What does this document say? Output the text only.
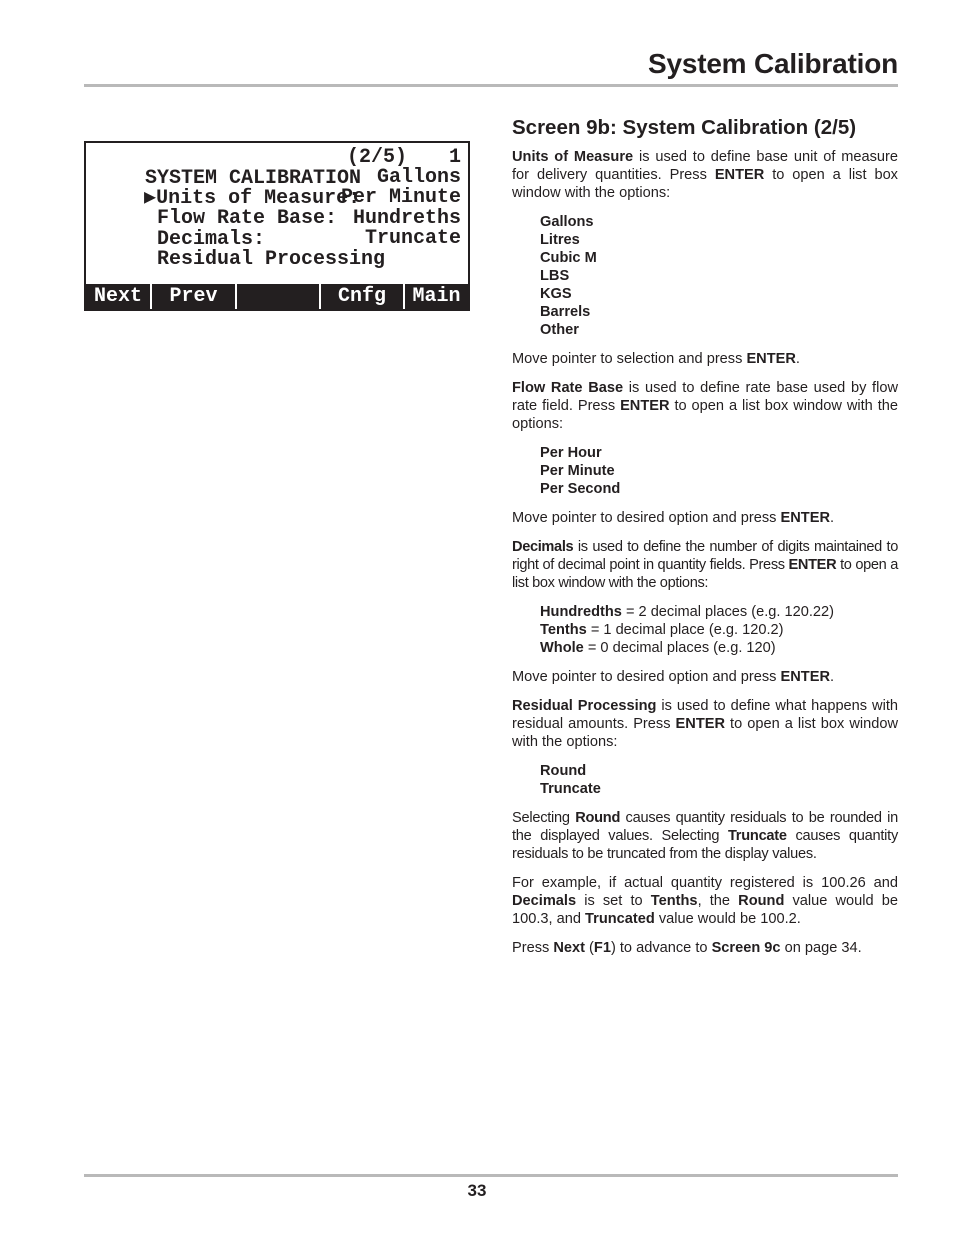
System Calibration

SYSTEM CALIBRATION

(2/5)

1

▶Units of Measure:

Gallons

Flow Rate Base:

Per Minute

Decimals:

Hundreths

Residual Processing

Truncate

Next	Prev	Cnfg	Main
Screen 9b: System Calibration (2/5)

Units of Measure is used to define base unit of measure for delivery quantities. Press ENTER to open a list box window with the options:

Gallons
Litres
Cubic M
LBS
KGS
Barrels
Other

Move pointer to selection and press ENTER.

Flow Rate Base is used to define rate base used by flow rate field. Press ENTER to open a list box window with the options:

Per Hour
Per Minute
Per Second

Move pointer to desired option and press ENTER.

Decimals is used to define the number of digits maintained to right of decimal point in quantity fields. Press ENTER to open a list box window with the options:

Hundredths = 2 decimal places (e.g. 120.22)
Tenths = 1 decimal place (e.g. 120.2)
Whole = 0 decimal places (e.g. 120)

Move pointer to desired option and press ENTER.

Residual Processing is used to define what happens with residual amounts. Press ENTER to open a list box window with the options:

Round
Truncate

Selecting Round causes quantity residuals to be rounded in the displayed values. Selecting Truncate causes quantity residuals to be truncated from the display values.

For example, if actual quantity registered is 100.26 and Decimals is set to Tenths, the Round value would be 100.3, and Truncated value would be 100.2.

Press Next (F1) to advance to Screen 9c on page 34.

33
